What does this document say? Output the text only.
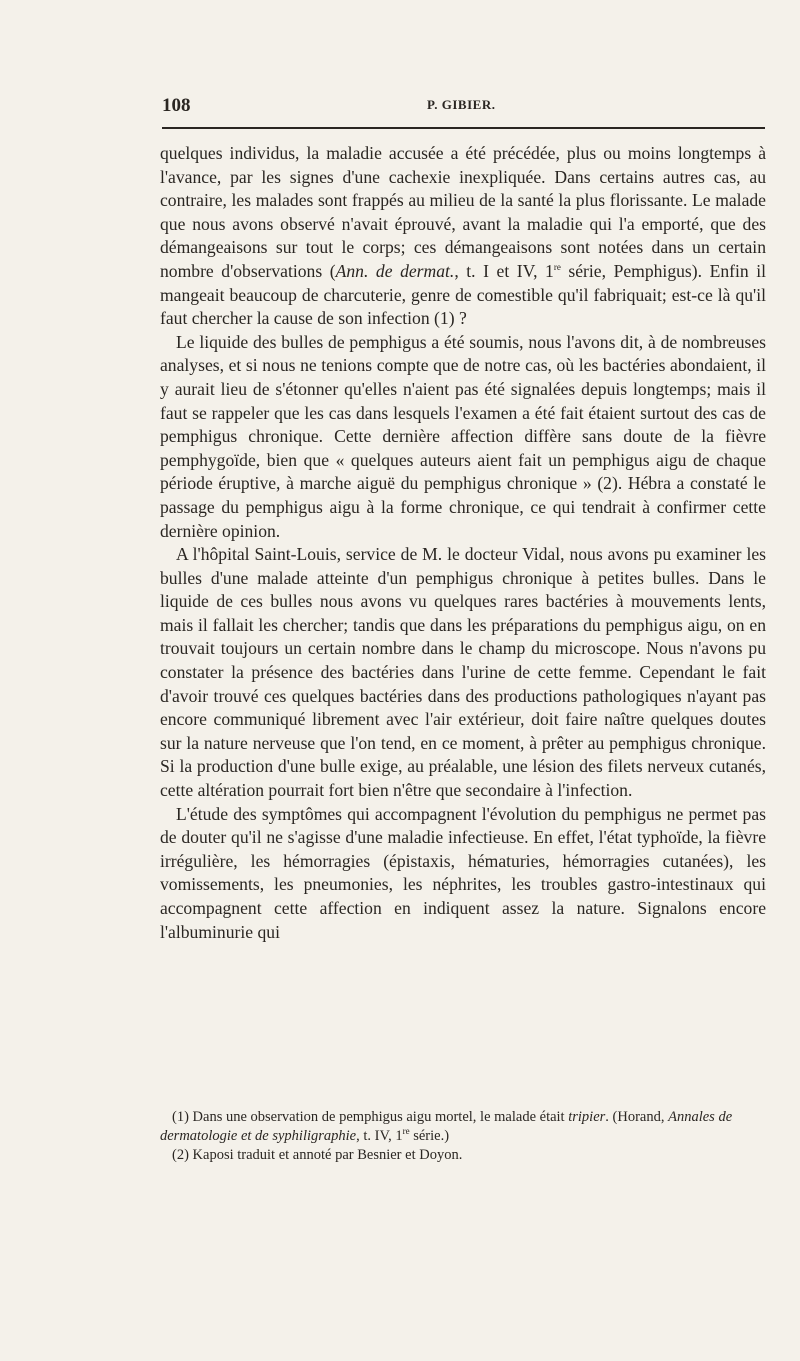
108	P. GIBIER.

quelques individus, la maladie accusée a été précédée, plus ou moins longtemps à l'avance, par les signes d'une cachexie inexpliquée. Dans certains autres cas, au contraire, les malades sont frappés au milieu de la santé la plus florissante. Le malade que nous avons observé n'avait éprouvé, avant la maladie qui l'a emporté, que des démangeaisons sur tout le corps; ces démangeaisons sont notées dans un certain nombre d'observations (Ann. de dermat., t. I et IV, 1re série, Pemphigus). Enfin il mangeait beaucoup de charcuterie, genre de comestible qu'il fabriquait; est-ce là qu'il faut chercher la cause de son infection (1) ?

Le liquide des bulles de pemphigus a été soumis, nous l'avons dit, à de nombreuses analyses, et si nous ne tenions compte que de notre cas, où les bactéries abondaient, il y aurait lieu de s'étonner qu'elles n'aient pas été signalées depuis longtemps; mais il faut se rappeler que les cas dans lesquels l'examen a été fait étaient surtout des cas de pemphigus chronique. Cette dernière affection diffère sans doute de la fièvre pemphygoïde, bien que « quelques auteurs aient fait un pemphigus aigu de chaque période éruptive, à marche aiguë du pemphigus chronique » (2). Hébra a constaté le passage du pemphigus aigu à la forme chronique, ce qui tendrait à confirmer cette dernière opinion.

A l'hôpital Saint-Louis, service de M. le docteur Vidal, nous avons pu examiner les bulles d'une malade atteinte d'un pemphigus chronique à petites bulles. Dans le liquide de ces bulles nous avons vu quelques rares bactéries à mouvements lents, mais il fallait les chercher; tandis que dans les préparations du pemphigus aigu, on en trouvait toujours un certain nombre dans le champ du microscope. Nous n'avons pu constater la présence des bactéries dans l'urine de cette femme. Cependant le fait d'avoir trouvé ces quelques bactéries dans des productions pathologiques n'ayant pas encore communiqué librement avec l'air extérieur, doit faire naître quelques doutes sur la nature nerveuse que l'on tend, en ce moment, à prêter au pemphigus chronique. Si la production d'une bulle exige, au préalable, une lésion des filets nerveux cutanés, cette altération pourrait fort bien n'être que secondaire à l'infection.

L'étude des symptômes qui accompagnent l'évolution du pemphigus ne permet pas de douter qu'il ne s'agisse d'une maladie infectieuse. En effet, l'état typhoïde, la fièvre irrégulière, les hémorragies (épistaxis, hématuries, hémorragies cutanées), les vomissements, les pneumonies, les néphrites, les troubles gastro-intestinaux qui accompagnent cette affection en indiquent assez la nature. Signalons encore l'albuminurie qui

(1) Dans une observation de pemphigus aigu mortel, le malade était tripier. (Horand, Annales de dermatologie et de syphiligraphie, t. IV, 1re série.)

(2) Kaposi traduit et annoté par Besnier et Doyon.
